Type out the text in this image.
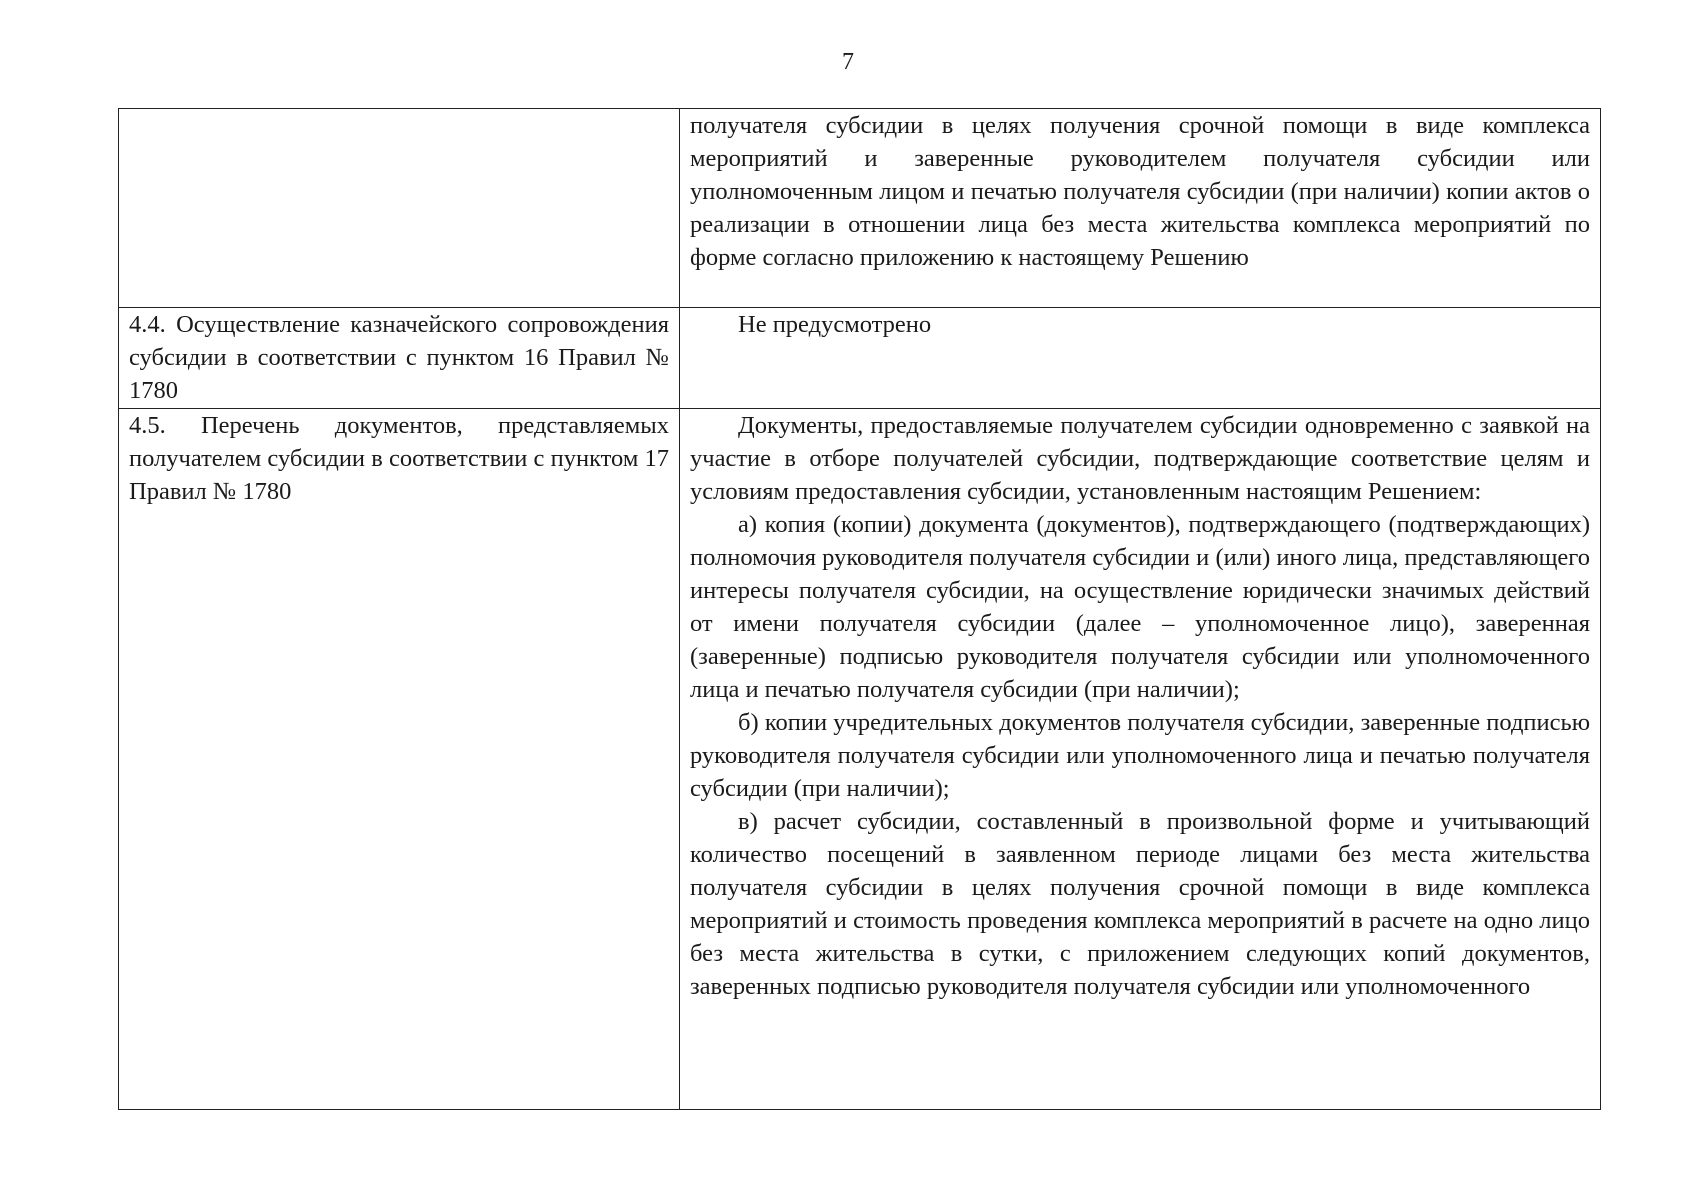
7
	получателя субсидии в целях получения срочной помощи в виде комплекса мероприятий и заверенные руководителем получателя субсидии или уполномоченным лицом и печатью получателя субсидии (при наличии) копии актов о реализации в отношении лица без места жительства комплекса мероприятий по форме согласно приложению к настоящему Решению
4.4. Осуществление казначейского сопровождения субсидии в соответствии с пунктом 16 Правил № 1780	Не предусмотрено
4.5. Перечень документов, представляемых получателем субсидии в соответствии с пунктом 17 Правил № 1780	Документы, предоставляемые получателем субсидии одновременно с заявкой на участие в отборе получателей субсидии, подтверждающие соответствие целям и условиям предоставления субсидии, установленным настоящим Решением:

а) копия (копии) документа (документов), подтверждающего (подтверждающих) полномочия руководителя получателя субсидии и (или) иного лица, представляющего интересы получателя субсидии, на осуществление юридически значимых действий от имени получателя субсидии (далее – уполномоченное лицо), заверенная (заверенные) подписью руководителя получателя субсидии или уполномоченного лица и печатью получателя субсидии (при наличии);

б) копии учредительных документов получателя субсидии, заверенные подписью руководителя получателя субсидии или уполномоченного лица и печатью получателя субсидии (при наличии);

в) расчет субсидии, составленный в произвольной форме и учитывающий количество посещений в заявленном периоде лицами без места жительства получателя субсидии в целях получения срочной помощи в виде комплекса мероприятий и стоимость проведения комплекса мероприятий в расчете на одно лицо без места жительства в сутки, с приложением следующих копий документов, заверенных подписью руководителя получателя субсидии или уполномоченного
